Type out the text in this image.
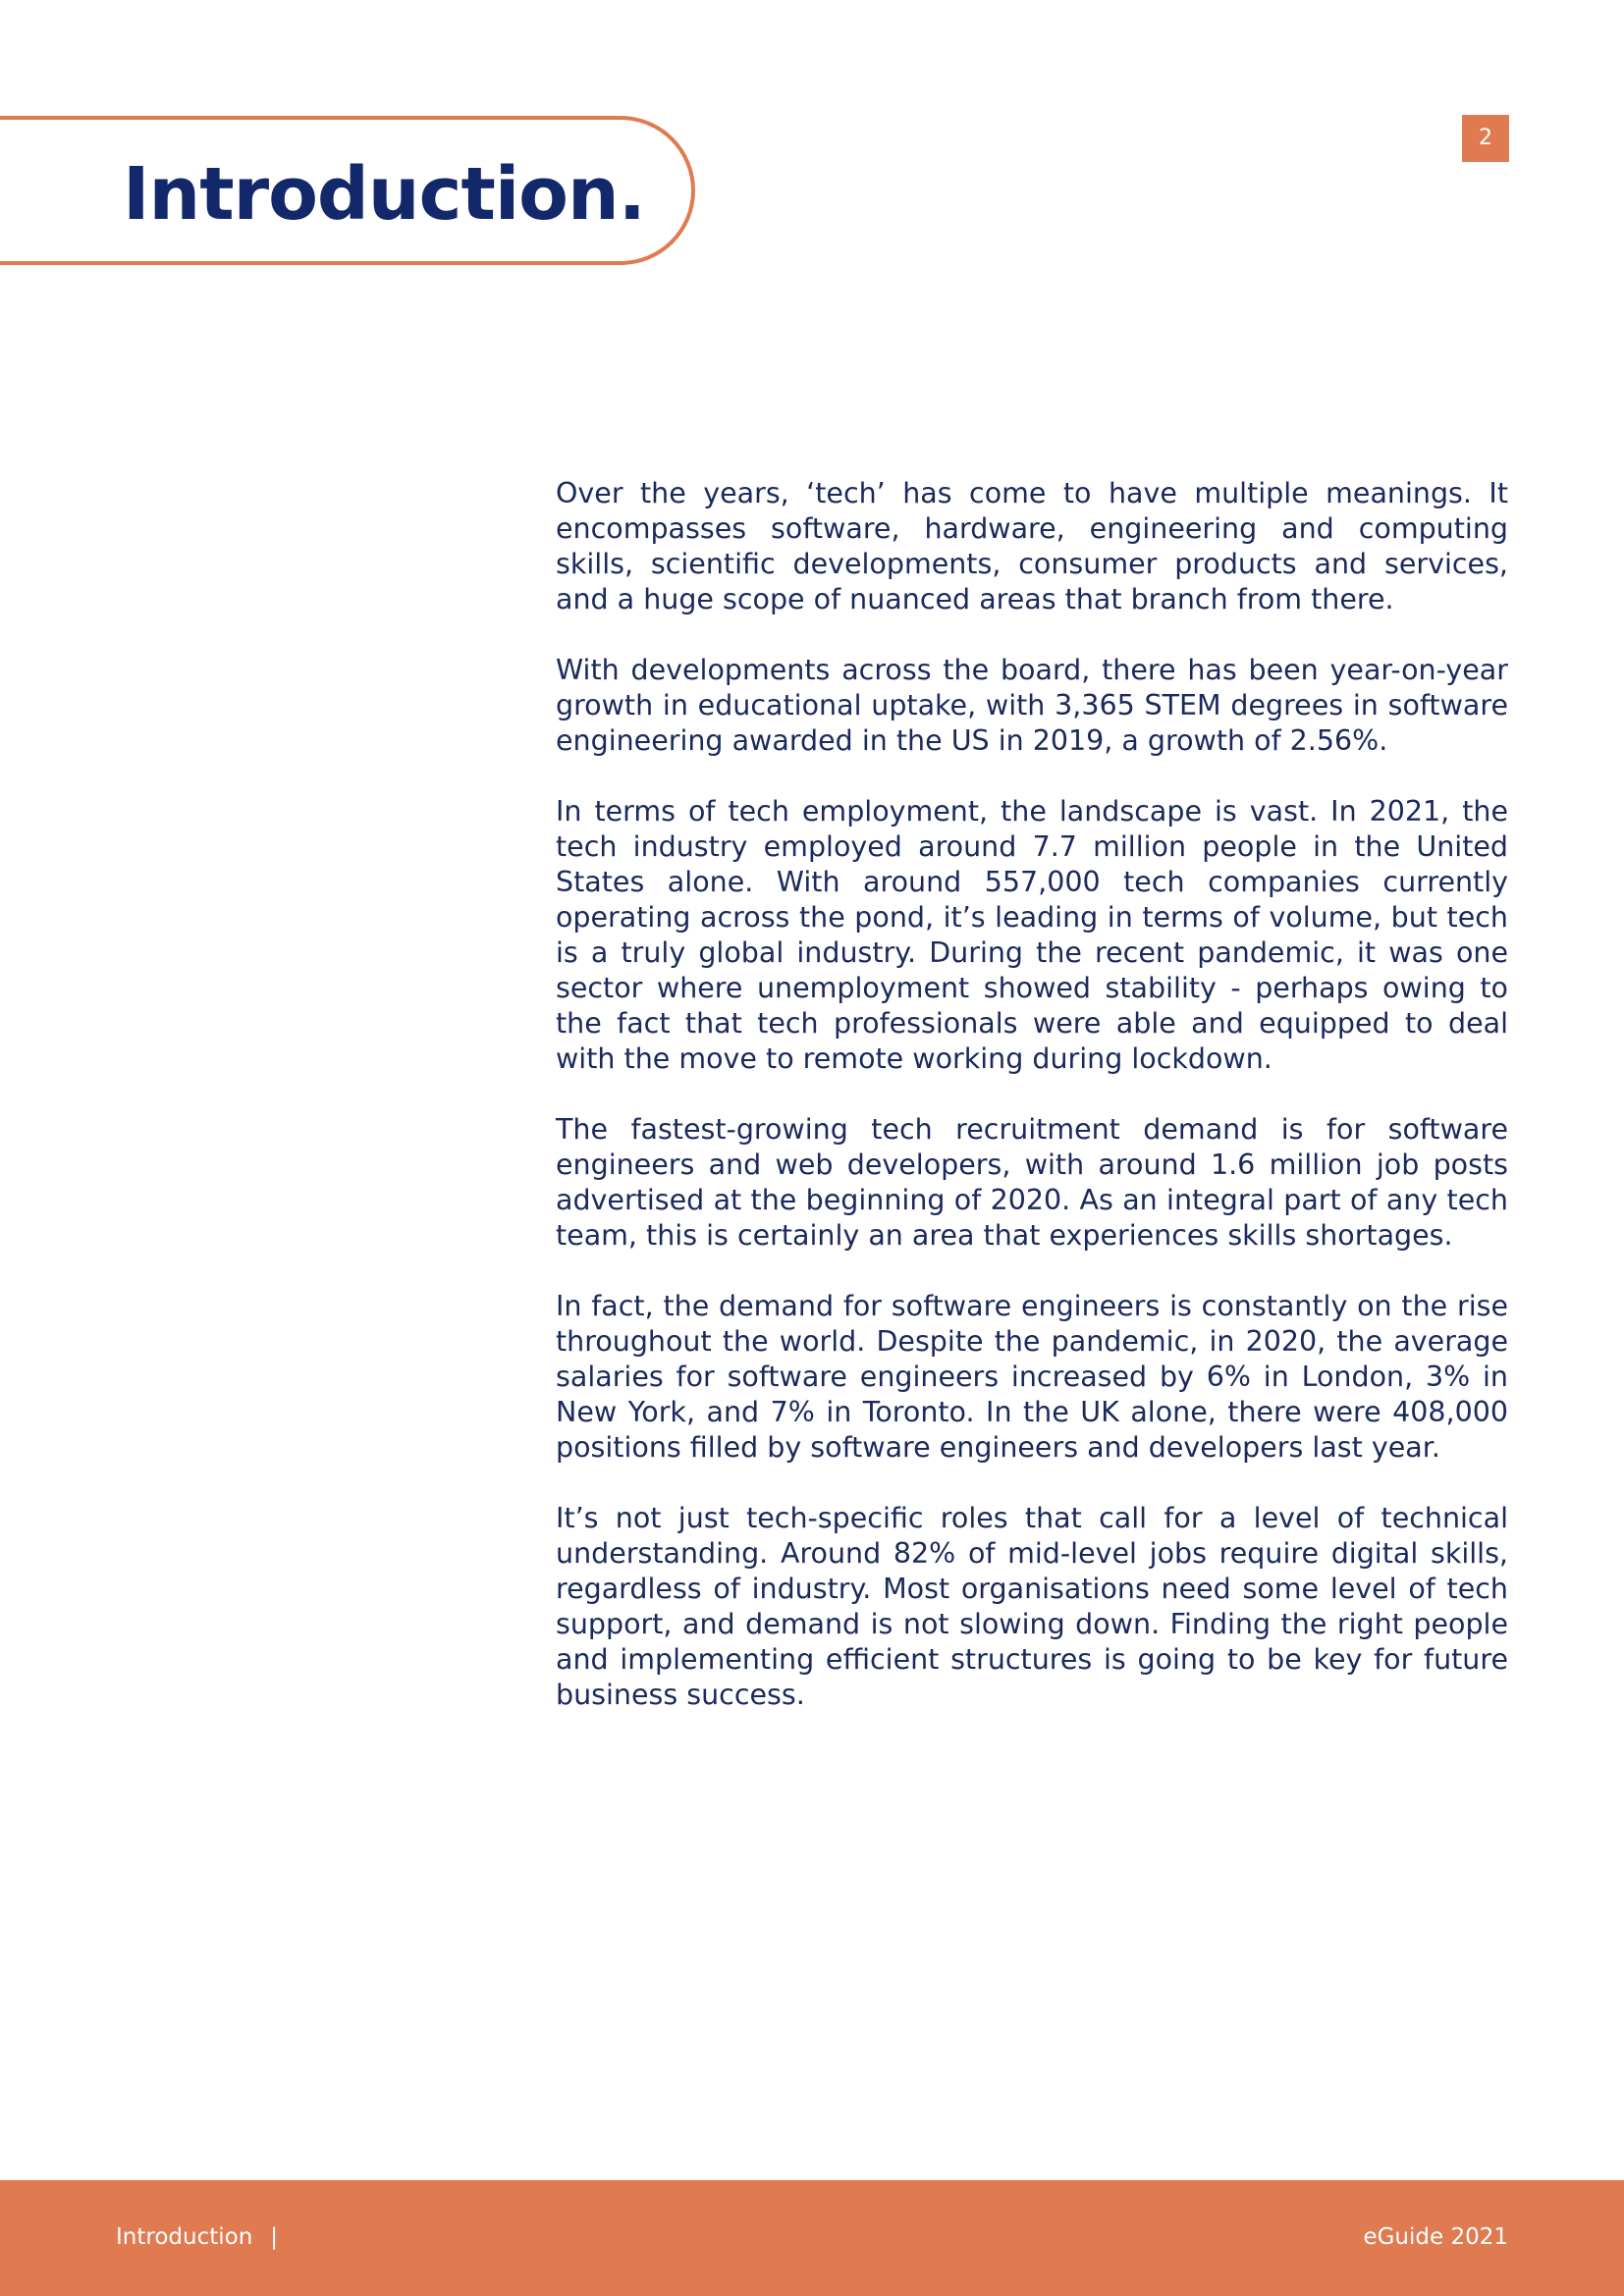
Introduction.
2

Over the years, ‘tech’ has come to have multiple meanings. It encompasses software, hardware, engineering and computing skills, scientific developments, consumer products and services, and a huge scope of nuanced areas that branch from there.

With developments across the board, there has been year-on-year growth in educational uptake, with 3,365 STEM degrees in software engineering awarded in the US in 2019, a growth of 2.56%.

In terms of tech employment, the landscape is vast. In 2021, the tech industry employed around 7.7 million people in the United States alone. With around 557,000 tech companies currently operating across the pond, it’s leading in terms of volume, but tech is a truly global industry. During the recent pandemic, it was one sector where unemployment showed stability - perhaps owing to the fact that tech professionals were able and equipped to deal with the move to remote working during lockdown.

The fastest-growing tech recruitment demand is for software engineers and web developers, with around 1.6 million job posts advertised at the beginning of 2020. As an integral part of any tech team, this is certainly an area that experiences skills shortages.

In fact, the demand for software engineers is constantly on the rise throughout the world. Despite the pandemic, in 2020, the average salaries for software engineers increased by 6% in London, 3% in New York, and 7% in Toronto. In the UK alone, there were 408,000 positions filled by software engineers and developers last year.

It’s not just tech-specific roles that call for a level of technical understanding. Around 82% of mid-level jobs require digital skills, regardless of industry. Most organisations need some level of tech support, and demand is not slowing down. Finding the right people and implementing efficient structures is going to be key for future business success.

Introduction |	eGuide 2021
